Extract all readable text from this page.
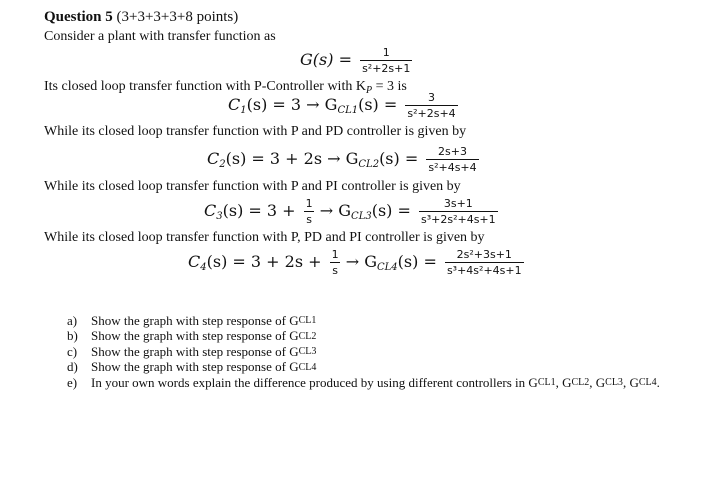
Question 5 (3+3+3+3+8 points)
Consider a plant with transfer function as
$G(s) = \frac{1}{\text{s²+2s+1}}$
Its closed loop transfer function with P-Controller with $K_P = 3$ is
$C_1(s) = 3 \to G_{CL1}(s) = \frac{3}{\text{s²+2s+4}}$
While its closed loop transfer function with P and PD controller is given by
$C_2(s) = 3 + 2s \to G_{CL2}(s) = \frac{2s+3}{\text{s²+4s+4}}$
While its closed loop transfer function with P and PI controller is given by
$C_3(s) = 3 + \frac{1}{s} \to G_{CL3}(s) = \frac{3s+1}{\text{s³+2s²+4s+1}}$
While its closed loop transfer function with P, PD and PI controller is given by
$C_4(s) = 3 + 2s + \frac{1}{s} \to G_{CL4}(s) = \frac{\text{2s²+3s+1}}{\text{s³+4s²+4s+1}}$
a)	Show the graph with step response of G CL1
b)	Show the graph with step response of G CL2
c)	Show the graph with step response of G CL3
d)	Show the graph with step response of G CL4
e)	In your own words explain the difference produced by using different controllers in G CL1 , G CL2 , G CL3 , G CL4 .
